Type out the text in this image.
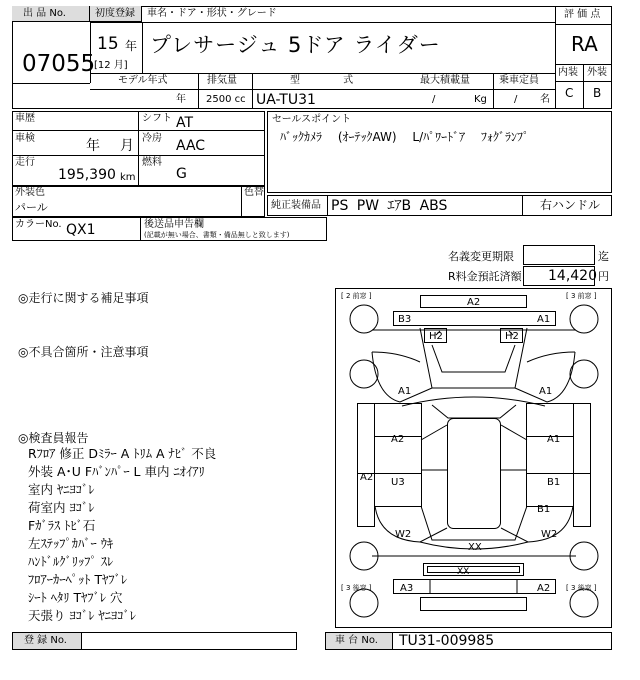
出 品 No.
07055
初度登録 車名・ドア・形状・グレード
15 年
[12 月]
プレサージュ 5ドア ライダー
評 価 点
RA
内装 外装
C B
モデル年式	排気量	型 式	最大積載量	乗車定員
年 2500 cc UA-TU31	/	Kg	/ 名
車歴
車検	年 月
走行
195,390 km
シフト AT
冷房 AAC
燃料
G
セールスポイント
ﾊﾞｯｸｶﾒﾗ (ｵｰﾃｯｸAW) L/ﾊﾟﾜｰﾄﾞｱ ﾌｫｸﾞﾗﾝﾌﾟ
外装色
パール
色替
純正装備品 PS PW ｴｱB ABS	右ハンドル
カラーNo. QX1	後送品申告欄
(記載が無い場合、書類・備品無しと致します)
名義変更期限	迄
R料金預託済額 14,420 円
◎走行に関する補足事項
◎不具合箇所・注意事項
◎検査員報告
Rﾌﾛｱ 修正 Dﾐﾗｰ A ﾄﾘﾑ A ﾅﾋﾞ 不良
外装 A･U Fﾊﾞﾝﾊﾟｰ L 車内 ﾆｵｲｱﾘ
室内 ﾔﾆﾖｺﾞﾚ
荷室内 ﾖｺﾞﾚ
Fｶﾞﾗｽ ﾄﾋﾞ石
左ｽﾃｯﾌﾟｶﾊﾞｰ ｳｷ
ﾊﾝﾄﾞﾙｸﾞﾘｯﾌﾟ ｽﾚ
ﾌﾛｱｰｶｰﾍﾟｯﾄ Tﾔﾌﾞﾚ
ｼｰﾄ ﾍﾀﾘ Tﾔﾌﾞﾚ 穴
天張り ﾖｺﾞﾚ ﾔﾆﾖｺﾞﾚ
[ 2 前窓 ]	[ 3 前窓 ]
[ 3 後窓 ]	[ 3 後窓 ]
A2
B3	A1
H2	H2
A1	A1
A2	A1
A2 U3	B1
B1
W2	W2
XX
XX
A3	A2
登 録 No.	車 台 No. TU31-009985
